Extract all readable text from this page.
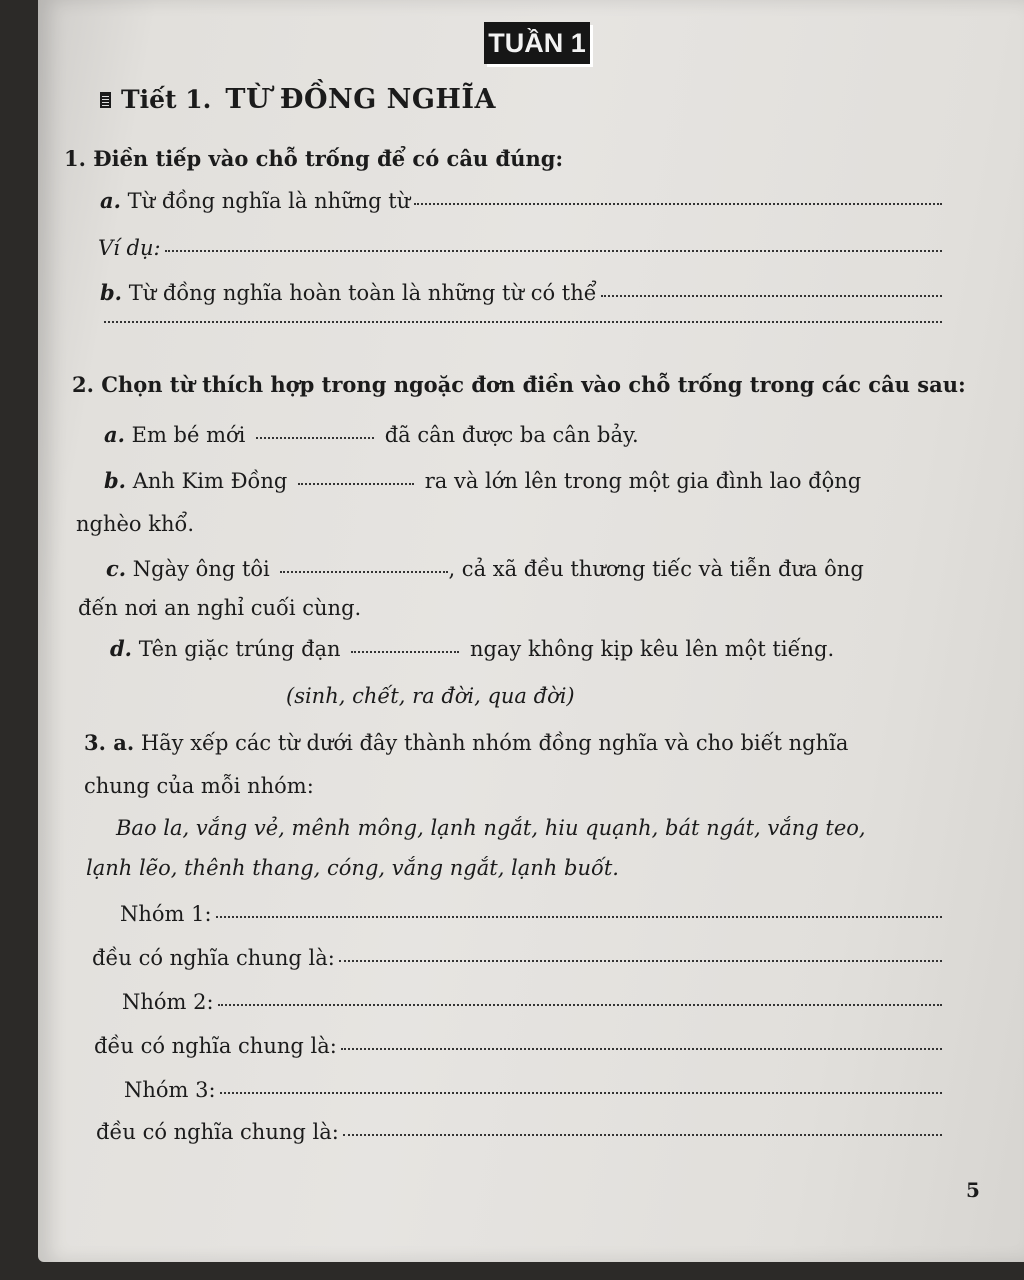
TUẦN 1
Tiết 1. TỪ ĐỒNG NGHĨA
1. Điền tiếp vào chỗ trống để có câu đúng:
a.
Từ đồng nghĩa là những từ
Ví dụ:
b.
Từ đồng nghĩa hoàn toàn là những từ có thể
2. Chọn từ thích hợp trong ngoặc đơn điền vào chỗ trống trong các câu sau:
a. Em bé mới	đã cân được ba cân bảy.
b. Anh Kim Đồng	ra và lớn lên trong một gia đình lao động
nghèo khổ.
c. Ngày ông tôi	, cả xã đều thương tiếc và tiễn đưa ông
đến nơi an nghỉ cuối cùng.
d. Tên giặc trúng đạn	ngay không kịp kêu lên một tiếng.
(sinh, chết, ra đời, qua đời)
3. a. Hãy xếp các từ dưới đây thành nhóm đồng nghĩa và cho biết nghĩa
chung của mỗi nhóm:
Bao la, vắng vẻ, mênh mông, lạnh ngắt, hiu quạnh, bát ngát, vắng teo,
lạnh lẽo, thênh thang, cóng, vắng ngắt, lạnh buốt.
Nhóm 1:
đều có nghĩa chung là:
Nhóm 2:
đều có nghĩa chung là:
Nhóm 3:
đều có nghĩa chung là:
5
